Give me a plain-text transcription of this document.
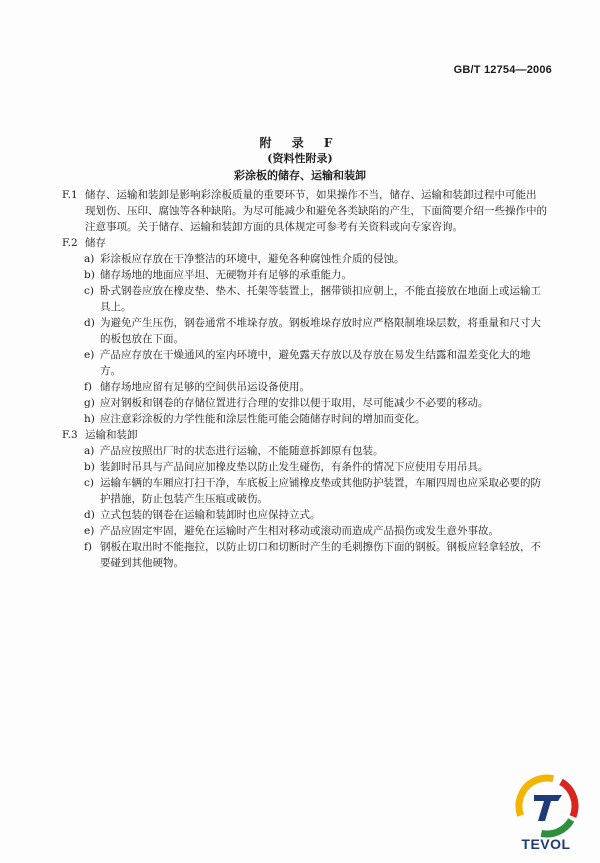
GB/T 12754—2006
附 录 F
(资料性附录)
彩涂板的储存、运输和装卸

F.1 储存、运输和装卸是影响彩涂板质量的重要环节，如果操作不当，储存、运输和装卸过程中可能出
现划伤、压印、腐蚀等各种缺陷。为尽可能减少和避免各类缺陷的产生，下面简要介绍一些操作中的注意事项。关于储存、运输和装卸方面的具体规定可参考有关资料或向专家咨询。

F.2 储存

a) 彩涂板应存放在干净整洁的环境中，避免各种腐蚀性介质的侵蚀。

b) 储存场地的地面应平坦、无硬物并有足够的承重能力。

c) 卧式钢卷应放在橡皮垫、垫木、托架等装置上，捆带锁扣应朝上，不能直接放在地面上或运输工具上。

d) 为避免产生压伤，钢卷通常不堆垛存放。钢板堆垛存放时应严格限制堆垛层数，将重量和尺寸大的板包放在下面。

e) 产品应存放在干燥通风的室内环境中，避免露天存放以及存放在易发生结露和温差变化大的地方。

f) 储存场地应留有足够的空间供吊运设备使用。

g) 应对钢板和钢卷的存储位置进行合理的安排以便于取用，尽可能减少不必要的移动。

h) 应注意彩涂板的力学性能和涂层性能可能会随储存时间的增加而变化。

F.3 运输和装卸

a) 产品应按照出厂时的状态进行运输，不能随意拆卸原有包装。

b) 装卸时吊具与产品间应加橡皮垫以防止发生碰伤，有条件的情况下应使用专用吊具。

c) 运输车辆的车厢应打扫干净，车底板上应铺橡皮垫或其他防护装置，车厢四周也应采取必要的防护措施，防止包装产生压痕或破伤。

d) 立式包装的钢卷在运输和装卸时也应保持立式。

e) 产品应固定牢固，避免在运输时产生相对移动或滚动而造成产品损伤或发生意外事故。

f) 钢板在取出时不能拖拉，以防止切口和切断时产生的毛刺擦伤下面的钢板。钢板应轻拿轻放，不要碰到其他硬物。

TEVOL
